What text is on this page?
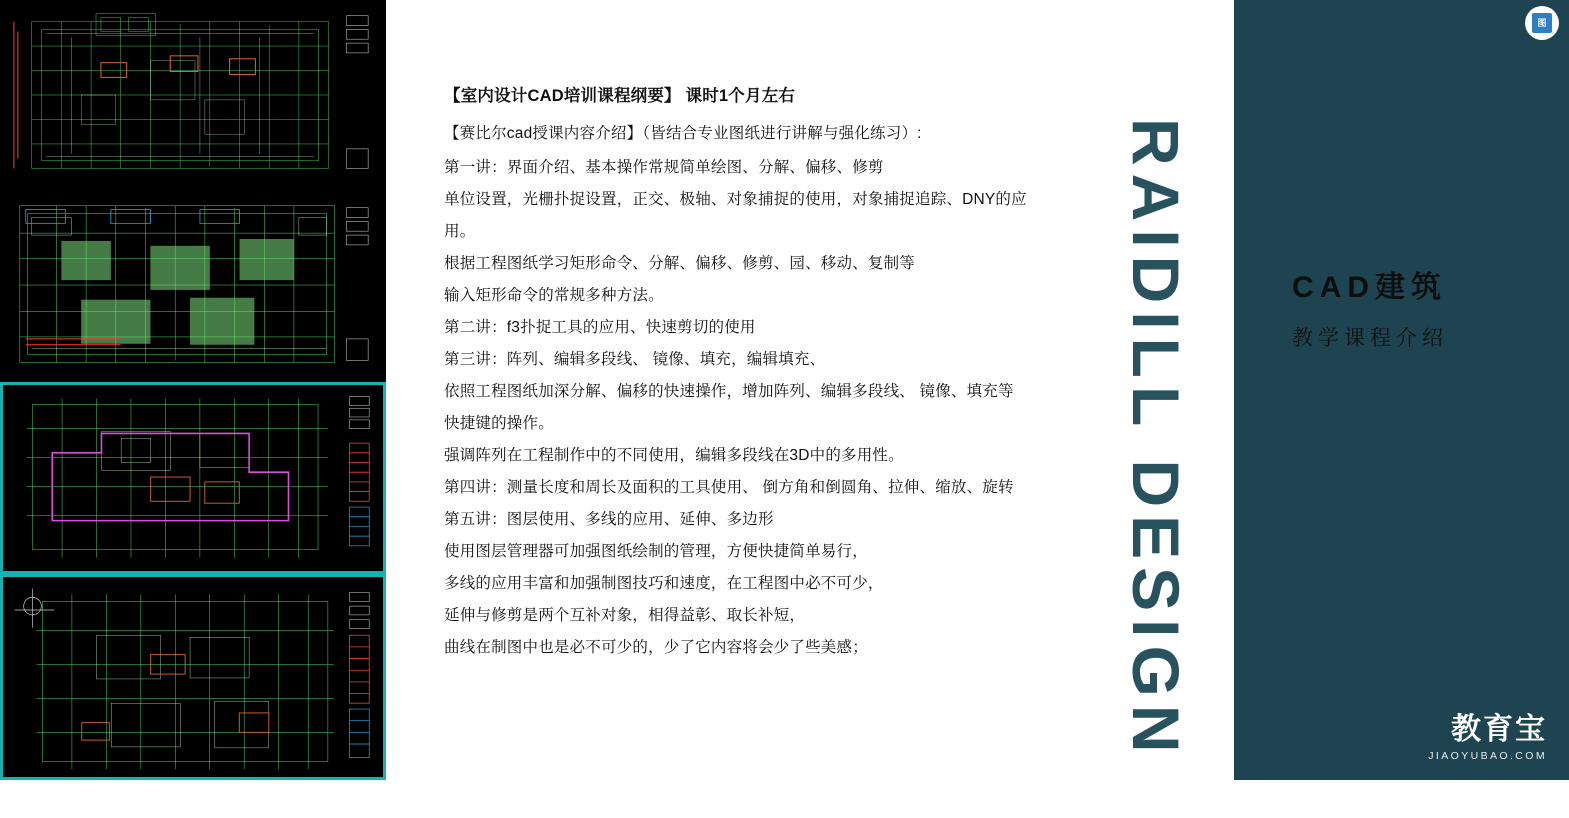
【室内设计CAD培训课程纲要】 课时1个月左右
【赛比尔cad授课内容介绍】（皆结合专业图纸进行讲解与强化练习）:
第一讲：界面介绍、基本操作常规简单绘图、分解、偏移、修剪
单位设置，光栅扑捉设置，正交、极轴、对象捕捉的使用，对象捕捉追踪、DNY的应
用。
根据工程图纸学习矩形命令、分解、偏移、修剪、园、移动、复制等
输入矩形命令的常规多种方法。
第二讲：f3扑捉工具的应用、快速剪切的使用
第三讲：阵列、编辑多段线、 镜像、填充，编辑填充、
依照工程图纸加深分解、偏移的快速操作，增加阵列、编辑多段线、 镜像、填充等
快捷键的操作。
强调阵列在工程制作中的不同使用，编辑多段线在3D中的多用性。
第四讲：测量长度和周长及面积的工具使用、 倒方角和倒圆角、拉伸、缩放、旋转
第五讲：图层使用、多线的应用、延伸、多边形
使用图层管理器可加强图纸绘制的管理，方便快捷简单易行，
多线的应用丰富和加强制图技巧和速度，在工程图中必不可少，
延伸与修剪是两个互补对象，相得益彰、取长补短，
曲线在制图中也是必不可少的，少了它内容将会少了些美感；	RAIDILL DESIGN	CAD建筑
教学课程介绍
教育宝
JIAOYUBAO.COM
图
